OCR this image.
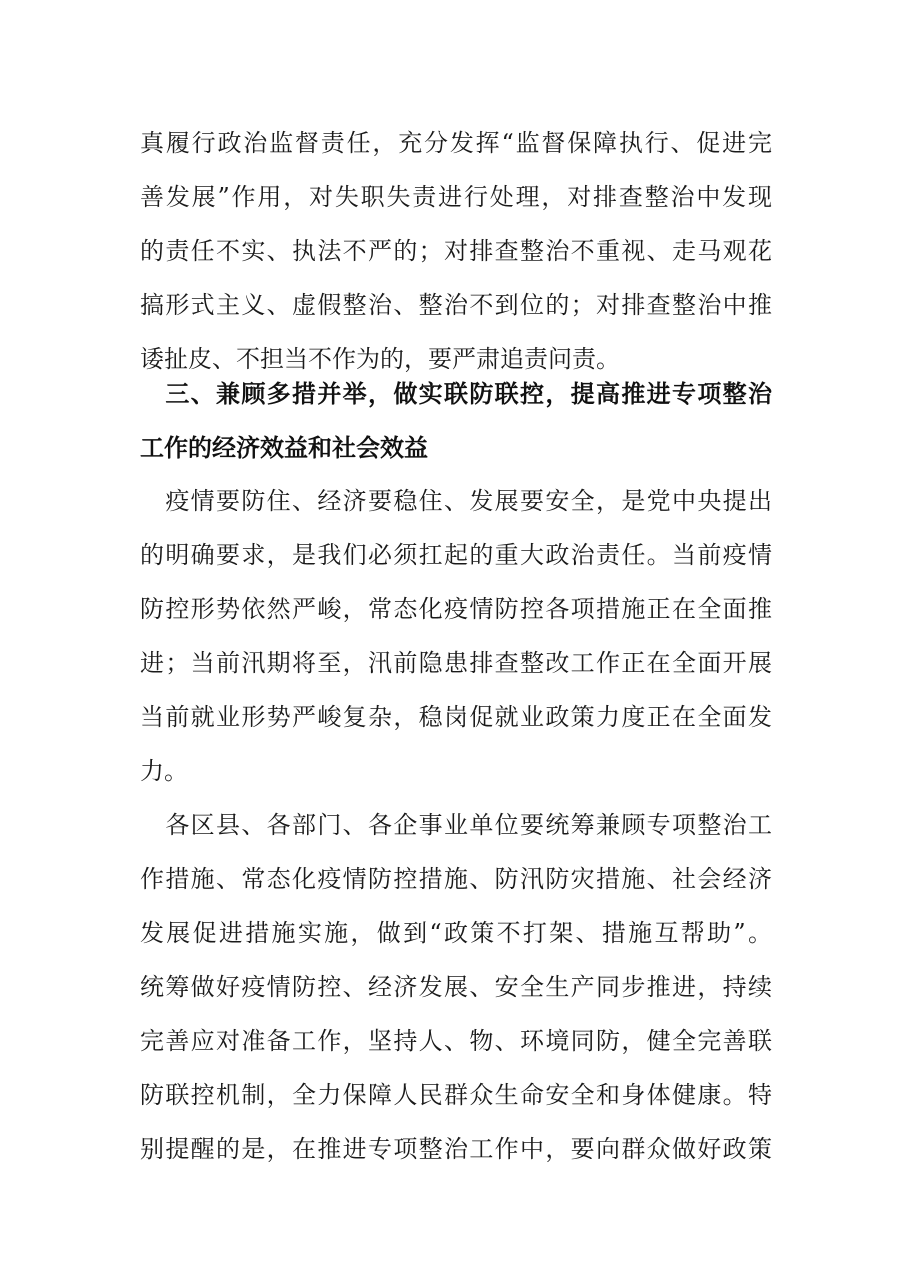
真履行政治监督责任，充分发挥“监督保障执行、促进完
善发展”作用，对失职失责进行处理，对排查整治中发现
的责任不实、执法不严的；对排查整治不重视、走马观花
搞形式主义、虚假整治、整治不到位的；对排查整治中推
诿扯皮、不担当不作为的，要严肃追责问责。
　三、兼顾多措并举，做实联防联控，提高推进专项整治
工作的经济效益和社会效益
　疫情要防住、经济要稳住、发展要安全，是党中央提出
的明确要求，是我们必须扛起的重大政治责任。当前疫情
防控形势依然严峻，常态化疫情防控各项措施正在全面推
进；当前汛期将至，汛前隐患排查整改工作正在全面开展
当前就业形势严峻复杂，稳岗促就业政策力度正在全面发
力。
　各区县、各部门、各企事业单位要统筹兼顾专项整治工
作措施、常态化疫情防控措施、防汛防灾措施、社会经济
发展促进措施实施，做到“政策不打架、措施互帮助”。
统筹做好疫情防控、经济发展、安全生产同步推进，持续
完善应对准备工作，坚持人、物、环境同防，健全完善联
防联控机制，全力保障人民群众生命安全和身体健康。特
别提醒的是，在推进专项整治工作中，要向群众做好政策
